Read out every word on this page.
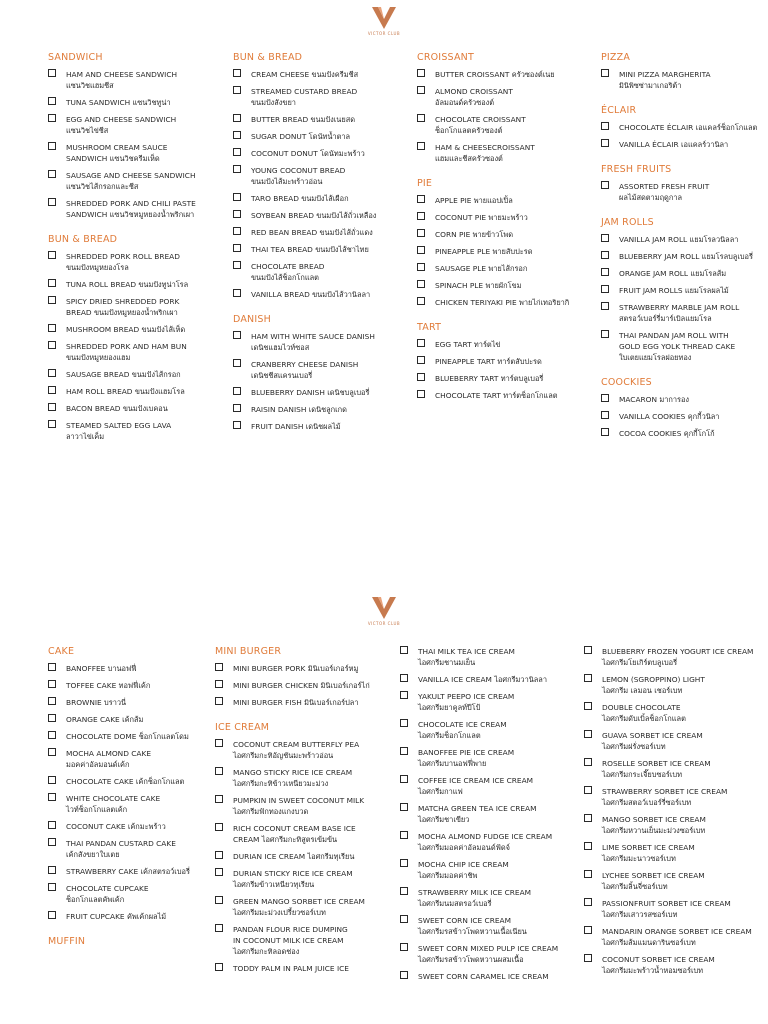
VICTOR CLUB
SANDWICH
HAM AND CHEESE SANDWICH
แซนวิชแฮมชีส
TUNA SANDWICH แซนวิชทูน่า
EGG AND CHEESE SANDWICH
แซนวิชไข่ชีส
MUSHROOM CREAM SAUCE
SANDWICH แซนวิชครีมเห็ด
SAUSAGE AND CHEESE SANDWICH
แซนวิชไส้กรอกและชีส
SHREDDED PORK AND CHILI PASTE
SANDWICH แซนวิชหมูหยองน้ำพริกเผา
BUN & BREAD
SHREDDED PORK ROLL BREAD
ขนมปังหมูหยองโรล
TUNA ROLL BREAD ขนมปังทูน่าโรล
SPICY DRIED SHREDDED PORK
BREAD ขนมปังหมูหยองน้ำพริกเผา
MUSHROOM BREAD ขนมปังไส้เห็ด
SHREDDED PORK AND HAM BUN
ขนมปังหมูหยองแฮม
SAUSAGE BREAD ขนมปังไส้กรอก
HAM ROLL BREAD ขนมปังแฮมโรล
BACON BREAD ขนมปังเบคอน
STEAMED SALTED EGG LAVA
ลาวาไข่เค็ม
BUN & BREAD
CREAM CHEESE ขนมปังครีมชีส
STREAMED CUSTARD BREAD
ขนมปังสังขยา
BUTTER BREAD ขนมปังเนยสด
SUGAR DONUT โดนัทน้ำตาล
COCONUT DONUT โดนัทมะพร้าว
YOUNG COCONUT BREAD
ขนมปังไส้มะพร้าวอ่อน
TARO BREAD ขนมปังไส้เผือก
SOYBEAN BREAD ขนมปังไส้ถั่วเหลือง
RED BEAN BREAD ขนมปังไส้ถั่วแดง
THAI TEA BREAD ขนมปังไส้ชาไทย
CHOCOLATE BREAD
ขนมปังไส้ช็อกโกแลต
VANILLA BREAD ขนมปังไส้วานิลลา
DANISH
HAM WITH WHITE SAUCE DANISH
เดนิชแฮมไวท์ซอส
CRANBERRY CHEESE DANISH
เดนิชชีสแครนเบอรี่
BLUEBERRY DANISH เดนิชบลูเบอรี่
RAISIN DANISH เดนิชลูกเกด
FRUIT DANISH เดนิชผลไม้
CROISSANT
BUTTER CROISSANT ครัวซองต์เนย
ALMOND CROISSANT
อัลมอนด์ครัวซองต์
CHOCOLATE CROISSANT
ช็อกโกแลตครัวซองต์
HAM & CHEESECROISSANT
แฮมและชีสครัวซองต์
PIE
APPLE PIE พายแอปเปิ้ล
COCONUT PIE พายมะพร้าว
CORN PIE พายข้าวโพด
PINEAPPLE PLE พายสับปะรด
SAUSAGE PLE พายไส้กรอก
SPINACH PLE พายผักโขม
CHICKEN TERIYAKI PIE พายไก่เทอริยากิ
TART
EGG TART ทาร์ตไข่
PINEAPPLE TART ทาร์ตสับปะรด
BLUEBERRY TART ทาร์ตบลูเบอรี่
CHOCOLATE TART ทาร์ตช็อกโกแลต
PIZZA
MINI PIZZA MARGHERITA
มินิพิซซ่ามาเกอริต้า
ÉCLAIR
CHOCOLATE ÉCLAIR เอแคลร์ช็อกโกแลต
VANILLA ÉCLAIR เอแคลร์วานิลา
FRESH FRUITS
ASSORTED FRESH FRUIT
ผลไม้สดตามฤดูกาล
JAM ROLLS
VANILLA JAM ROLL แยมโรลวนิลลา
BLUEBERRY JAM ROLL แยมโรลบลูเบอรี่
ORANGE JAM ROLL แยมโรลส้ม
FRUIT JAM ROLLS แยมโรลผลไม้
STRAWBERRY MARBLE JAM ROLL
สตรอว์เบอร์รี่มาร์เบิลแยมโรล
THAI PANDAN JAM ROLL WITH
GOLD EGG YOLK THREAD CAKE
ใบเตยแยมโรลฝอยทอง
COOCKIES
MACARON มาการอง
VANILLA COOKIES คุกกี้วนิลา
COCOA COOKIES คุกกี้โกโก้
VICTOR CLUB
CAKE
BANOFFEE บานอฟฟี่
TOFFEE CAKE ทอฟฟี่เค้ก
BROWNIE บราวนี่
ORANGE CAKE เค้กส้ม
CHOCOLATE DOME ช็อกโกแลตโดม
MOCHA ALMOND CAKE
มอคค่าอัลมอนด์เค้ก
CHOCOLATE CAKE เค้กช็อกโกแลต
WHITE CHOCOLATE CAKE
ไวท์ช็อกโกแลตเค้ก
COCONUT CAKE เค้กมะพร้าว
THAI PANDAN CUSTARD CAKE
เค้กสังขยาใบเตย
STRAWBERRY CAKE เค้กสตรอว์เบอรี่
CHOCOLATE CUPCAKE
ช็อกโกแลตคัพเค้ก
FRUIT CUPCAKE คัพเค้กผลไม้
MUFFIN
MINI BURGER
MINI BURGER PORK มินิเบอร์เกอร์หมู
MINI BURGER CHICKEN มินิเบอร์เกอร์ไก่
MINI BURGER FISH มินิเบอร์เกอร์ปลา
ICE CREAM
COCONUT CREAM BUTTERFLY PEA
ไอศกรีมกะทิอัญชันมะพร้าวอ่อน
MANGO STICKY RICE ICE CREAM
ไอศกรีมกะทิข้าวเหนียวมะม่วง
PUMPKIN IN SWEET COCONUT MILK
ไอศกรีมฟักทองแกงบวด
RICH COCONUT CREAM BASE ICE
CREAM ไอศกรีมกะทิสูตรเข้มข้น
DURIAN ICE CREAM ไอศกรีมทุเรียน
DURIAN STICKY RICE ICE CREAM
ไอศกรีมข้าวเหนียวทุเรียน
GREEN MANGO SORBET ICE CREAM
ไอศกรีมมะม่วงเปรี้ยวซอร์เบท
PANDAN FLOUR RICE DUMPING
IN COCONUT MILK ICE CREAM
ไอศกรีมกะทิลอดช่อง
TODDY PALM IN PALM JUICE ICE
THAI MILK TEA ICE CREAM
ไอศกรีมชานมเย็น
VANILLA ICE CREAM ไอศกรีมวานิลลา
YAKULT PEEPO ICE CREAM
ไอศกรีมยาคูลท์ปีโป้
CHOCOLATE ICE CREAM
ไอศกรีมช็อกโกแลต
BANOFFEE PIE ICE CREAM
ไอศกรีมบานอฟฟี่พาย
COFFEE ICE CREAM ICE CREAM
ไอศกรีมกาแฟ
MATCHA GREEN TEA ICE CREAM
ไอศกรีมชาเขียว
MOCHA ALMOND FUDGE ICE CREAM
ไอศกรีมมอคค่าอัลมอนด์ฟัดจ์
MOCHA CHIP ICE CREAM
ไอศกรีมมอคค่าชิพ
STRAWBERRY MILK ICE CREAM
ไอศกรีมนมสตรอว์เบอรี่
SWEET CORN ICE CREAM
ไอศกรีมรสข้าวโพดหวานเนื้อเนียน
SWEET CORN MIXED PULP ICE CREAM
ไอศกรีมรสข้าวโพดหวานผสมเนื้อ
SWEET CORN CARAMEL ICE CREAM
BLUEBERRY FROZEN YOGURT ICE CREAM
ไอศกรีมโยเกิร์ตบลูเบอรี่
LEMON (SGROPPINO) LIGHT
ไอศกรีม เลมอน เชอร์เบท
DOUBLE CHOCOLATE
ไอศกรีมดับเบิ้ลช็อกโกแลต
GUAVA SORBET ICE CREAM
ไอศกรีมฝรั่งซอร์เบท
ROSELLE SORBET ICE CREAM
ไอศกรีมกระเจี๊ยบซอร์เบท
STRAWBERRY SORBET ICE CREAM
ไอศกรีมสตอว์เบอร์รี่ซอร์เบท
MANGO SORBET ICE CREAM
ไอศกรีมหวานเย็นมะม่วงซอร์เบท
LIME SORBET ICE CREAM
ไอศกรีมมะนาวซอร์เบท
LYCHEE SORBET ICE CREAM
ไอศกรีมลิ้นจี่ซอร์เบท
PASSIONFRUIT SORBET ICE CREAM
ไอศกรีมเสาวรสซอร์เบท
MANDARIN ORANGE SORBET ICE CREAM
ไอศกรีมส้มแมนดารินซอร์เบท
COCONUT SORBET ICE CREAM
ไอศกรีมมะพร้าวน้ำหอมซอร์เบท
